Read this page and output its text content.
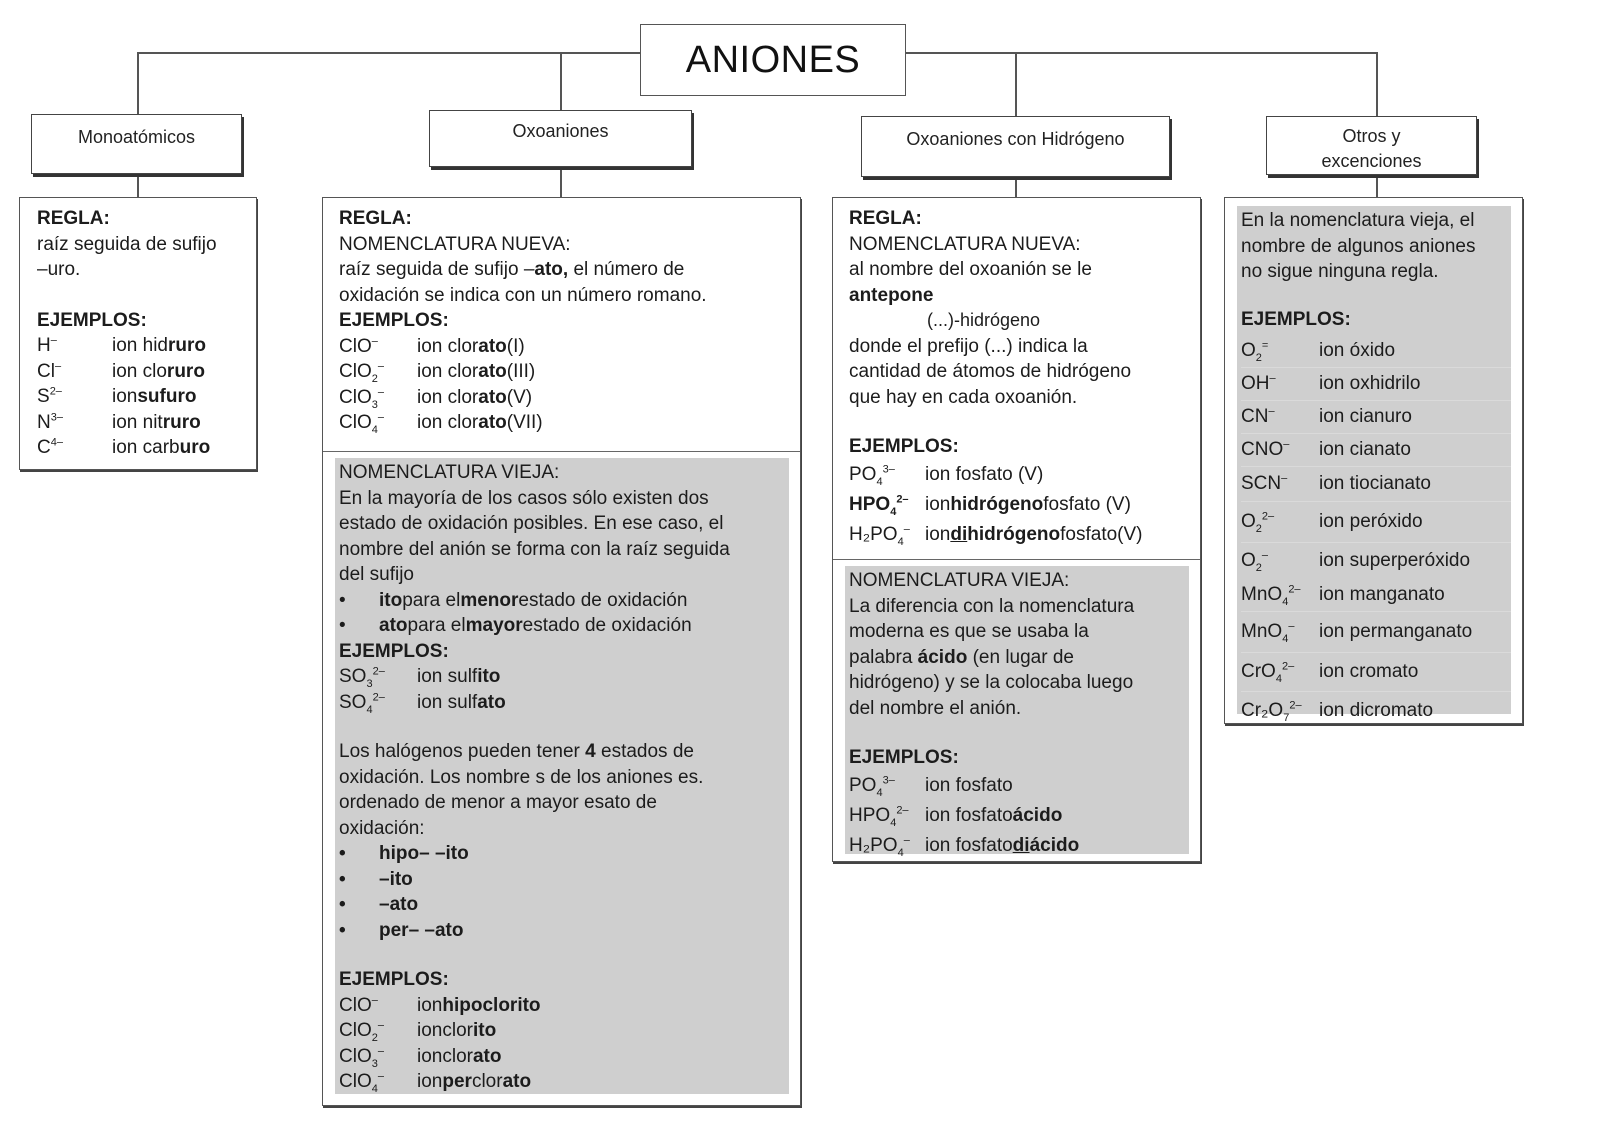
ANIONES
Monoatómicos	Oxoaniones	Oxoaniones con Hidrógeno	Otros y
excenciones
REGLA:
raíz seguida de sufijo
–uro.
EJEMPLOS:
H–	ion hid ruro
Cl–	ion clo ruro
$S^{2-}$	ion sufuro
$N^{3-}$	ion nit ruro
$C^{4-}$	ion carb uro
REGLA:
NOMENCLATURA NUEVA:
raíz seguida de sufijo –ato, el número de
oxidación se indica con un número romano.
EJEMPLOS:
ClO–	ion clor ato (I)
ClO$_2$–	ion clor ato (III)
ClO$_3$–	ion clor ato (V)
ClO$_4$–	ion clor ato (VII)
NOMENCLATURA VIEJA:
En la mayoría de los casos sólo existen dos
estado de oxidación posibles. En ese caso, el
nombre del anión se forma con la raíz seguida
del sufijo
•	ito para el menor estado de oxidación
•	ato para el mayor estado de oxidación
EJEMPLOS:
$SO_3^{2-}$	ion sulf ito
$SO_4^{2-}$	ion sulf ato
Los halógenos pueden tener 4 estados de
oxidación. Los nombre s de los aniones es.
ordenado de menor a mayor esato de
oxidación:
•	hipo– –ito
•	–ito
•	–ato
•	per– –ato
EJEMPLOS:
ClO–	ion hipo clor ito
ClO$_2$–	ion clor ito
ClO$_3$–	ion clor ato
ClO$_4$–	ion per clor ato
REGLA:
NOMENCLATURA NUEVA:
al nombre del oxoanión se le
antepone
(...)-hidrógeno
donde el prefijo (...) indica la
cantidad de átomos de hidrógeno
que hay en cada oxoanión.
EJEMPLOS:
$PO_4^{3-}$	ion fosfato (V)
$HPO_4^{2-}$ ion hidrógeno fosfato (V)
$H_2PO_4^-$ ion di hidrógeno fosfato(V)
NOMENCLATURA VIEJA:
La diferencia con la nomenclatura
moderna es que se usaba la
palabra ácido (en lugar de
hidrógeno) y se la colocaba luego
del nombre el anión.
EJEMPLOS:
$PO_4^{3-}$	ion fosfato
$HPO_4^{2-}$ ion fosfato ácido
$H_2PO_4^-$ ion fosfato di ácido
En la nomenclatura vieja, el
nombre de algunos aniones
no sigue ninguna regla.
EJEMPLOS:
$O_2^=$	ion óxido
OH–	ion oxhidrilo
CN–	ion cianuro
CNO–	ion cianato
SCN–	ion tiocianato
$O_2^{2-}$	ion peróxido
$O_2^-$	ion superperóxido
MnO$_4^{2-}$ ion manganato
MnO$_4$–	ion permanganato
CrO$_4^{2-}$	ion cromato
$Cr_2O_7^{2-}$ ion dicromato
